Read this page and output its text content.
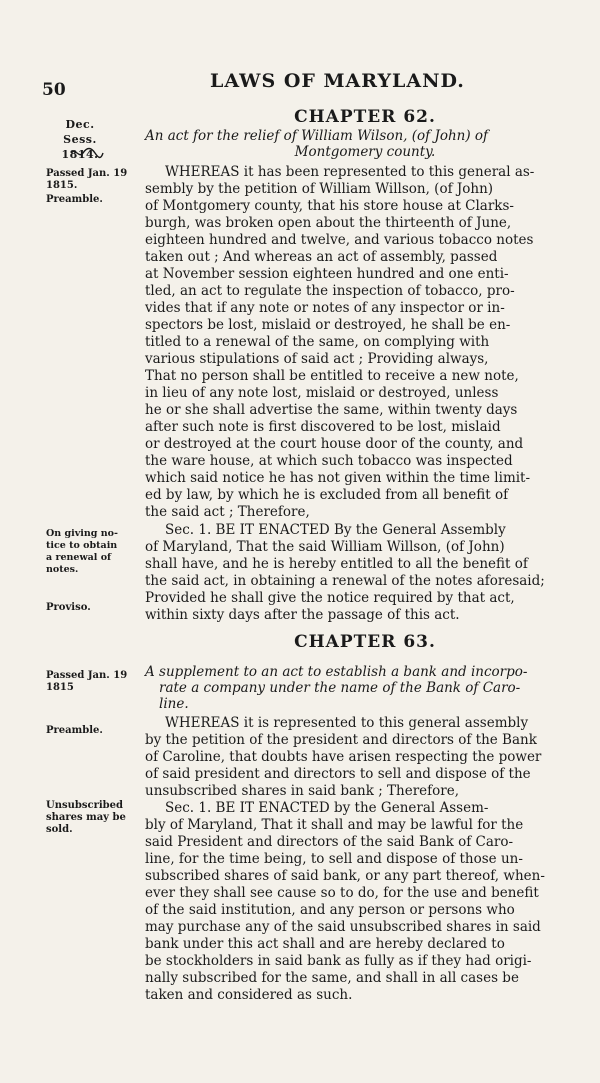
50	LAWS OF MARYLAND.
Dec. Sess.
1814.
Passed Jan. 19
1815.
Preamble.
On giving no-
tice to obtain
a renewal of
notes.
Proviso.
Passed Jan. 19
1815
Preamble.
Unsubscribed
shares may be
sold.
CHAPTER 62.
An act for the relief of William Wilson, (of John) of
Montgomery county.
WHEREAS it has been represented to this general as-
sembly by the petition of William Willson, (of John)
of Montgomery county, that his store house at Clarks-
burgh, was broken open about the thirteenth of June,
eighteen hundred and twelve, and various tobacco notes
taken out ; And whereas an act of assembly, passed
at November session eighteen hundred and one enti-
tled, an act to regulate the inspection of tobacco, pro-
vides that if any note or notes of any inspector or in-
spectors be lost, mislaid or destroyed, he shall be en-
titled to a renewal of the same, on complying with
various stipulations of said act ; Providing always,
That no person shall be entitled to receive a new note,
in lieu of any note lost, mislaid or destroyed, unless
he or she shall advertise the same, within twenty days
after such note is first discovered to be lost, mislaid
or destroyed at the court house door of the county, and
the ware house, at which such tobacco was inspected
which said notice he has not given within the time limit-
ed by law, by which he is excluded from all benefit of
the said act ; Therefore,
Sec. 1. BE IT ENACTED By the General Assembly
of Maryland, That the said William Willson, (of John)
shall have, and he is hereby entitled to all the benefit of
the said act, in obtaining a renewal of the notes aforesaid;
Provided he shall give the notice required by that act,
within sixty days after the passage of this act.
CHAPTER 63.
A supplement to an act to establish a bank and incorpo-
rate a company under the name of the Bank of Caro-
line.
WHEREAS it is represented to this general assembly
by the petition of the president and directors of the Bank
of Caroline, that doubts have arisen respecting the power
of said president and directors to sell and dispose of the
unsubscribed shares in said bank ; Therefore,
Sec. 1. BE IT ENACTED by the General Assem-
bly of Maryland, That it shall and may be lawful for the
said President and directors of the said Bank of Caro-
line, for the time being, to sell and dispose of those un-
subscribed shares of said bank, or any part thereof, when-
ever they shall see cause so to do, for the use and benefit
of the said institution, and any person or persons who
may purchase any of the said unsubscribed shares in said
bank under this act shall and are hereby declared to
be stockholders in said bank as fully as if they had origi-
nally subscribed for the same, and shall in all cases be
taken and considered as such.
